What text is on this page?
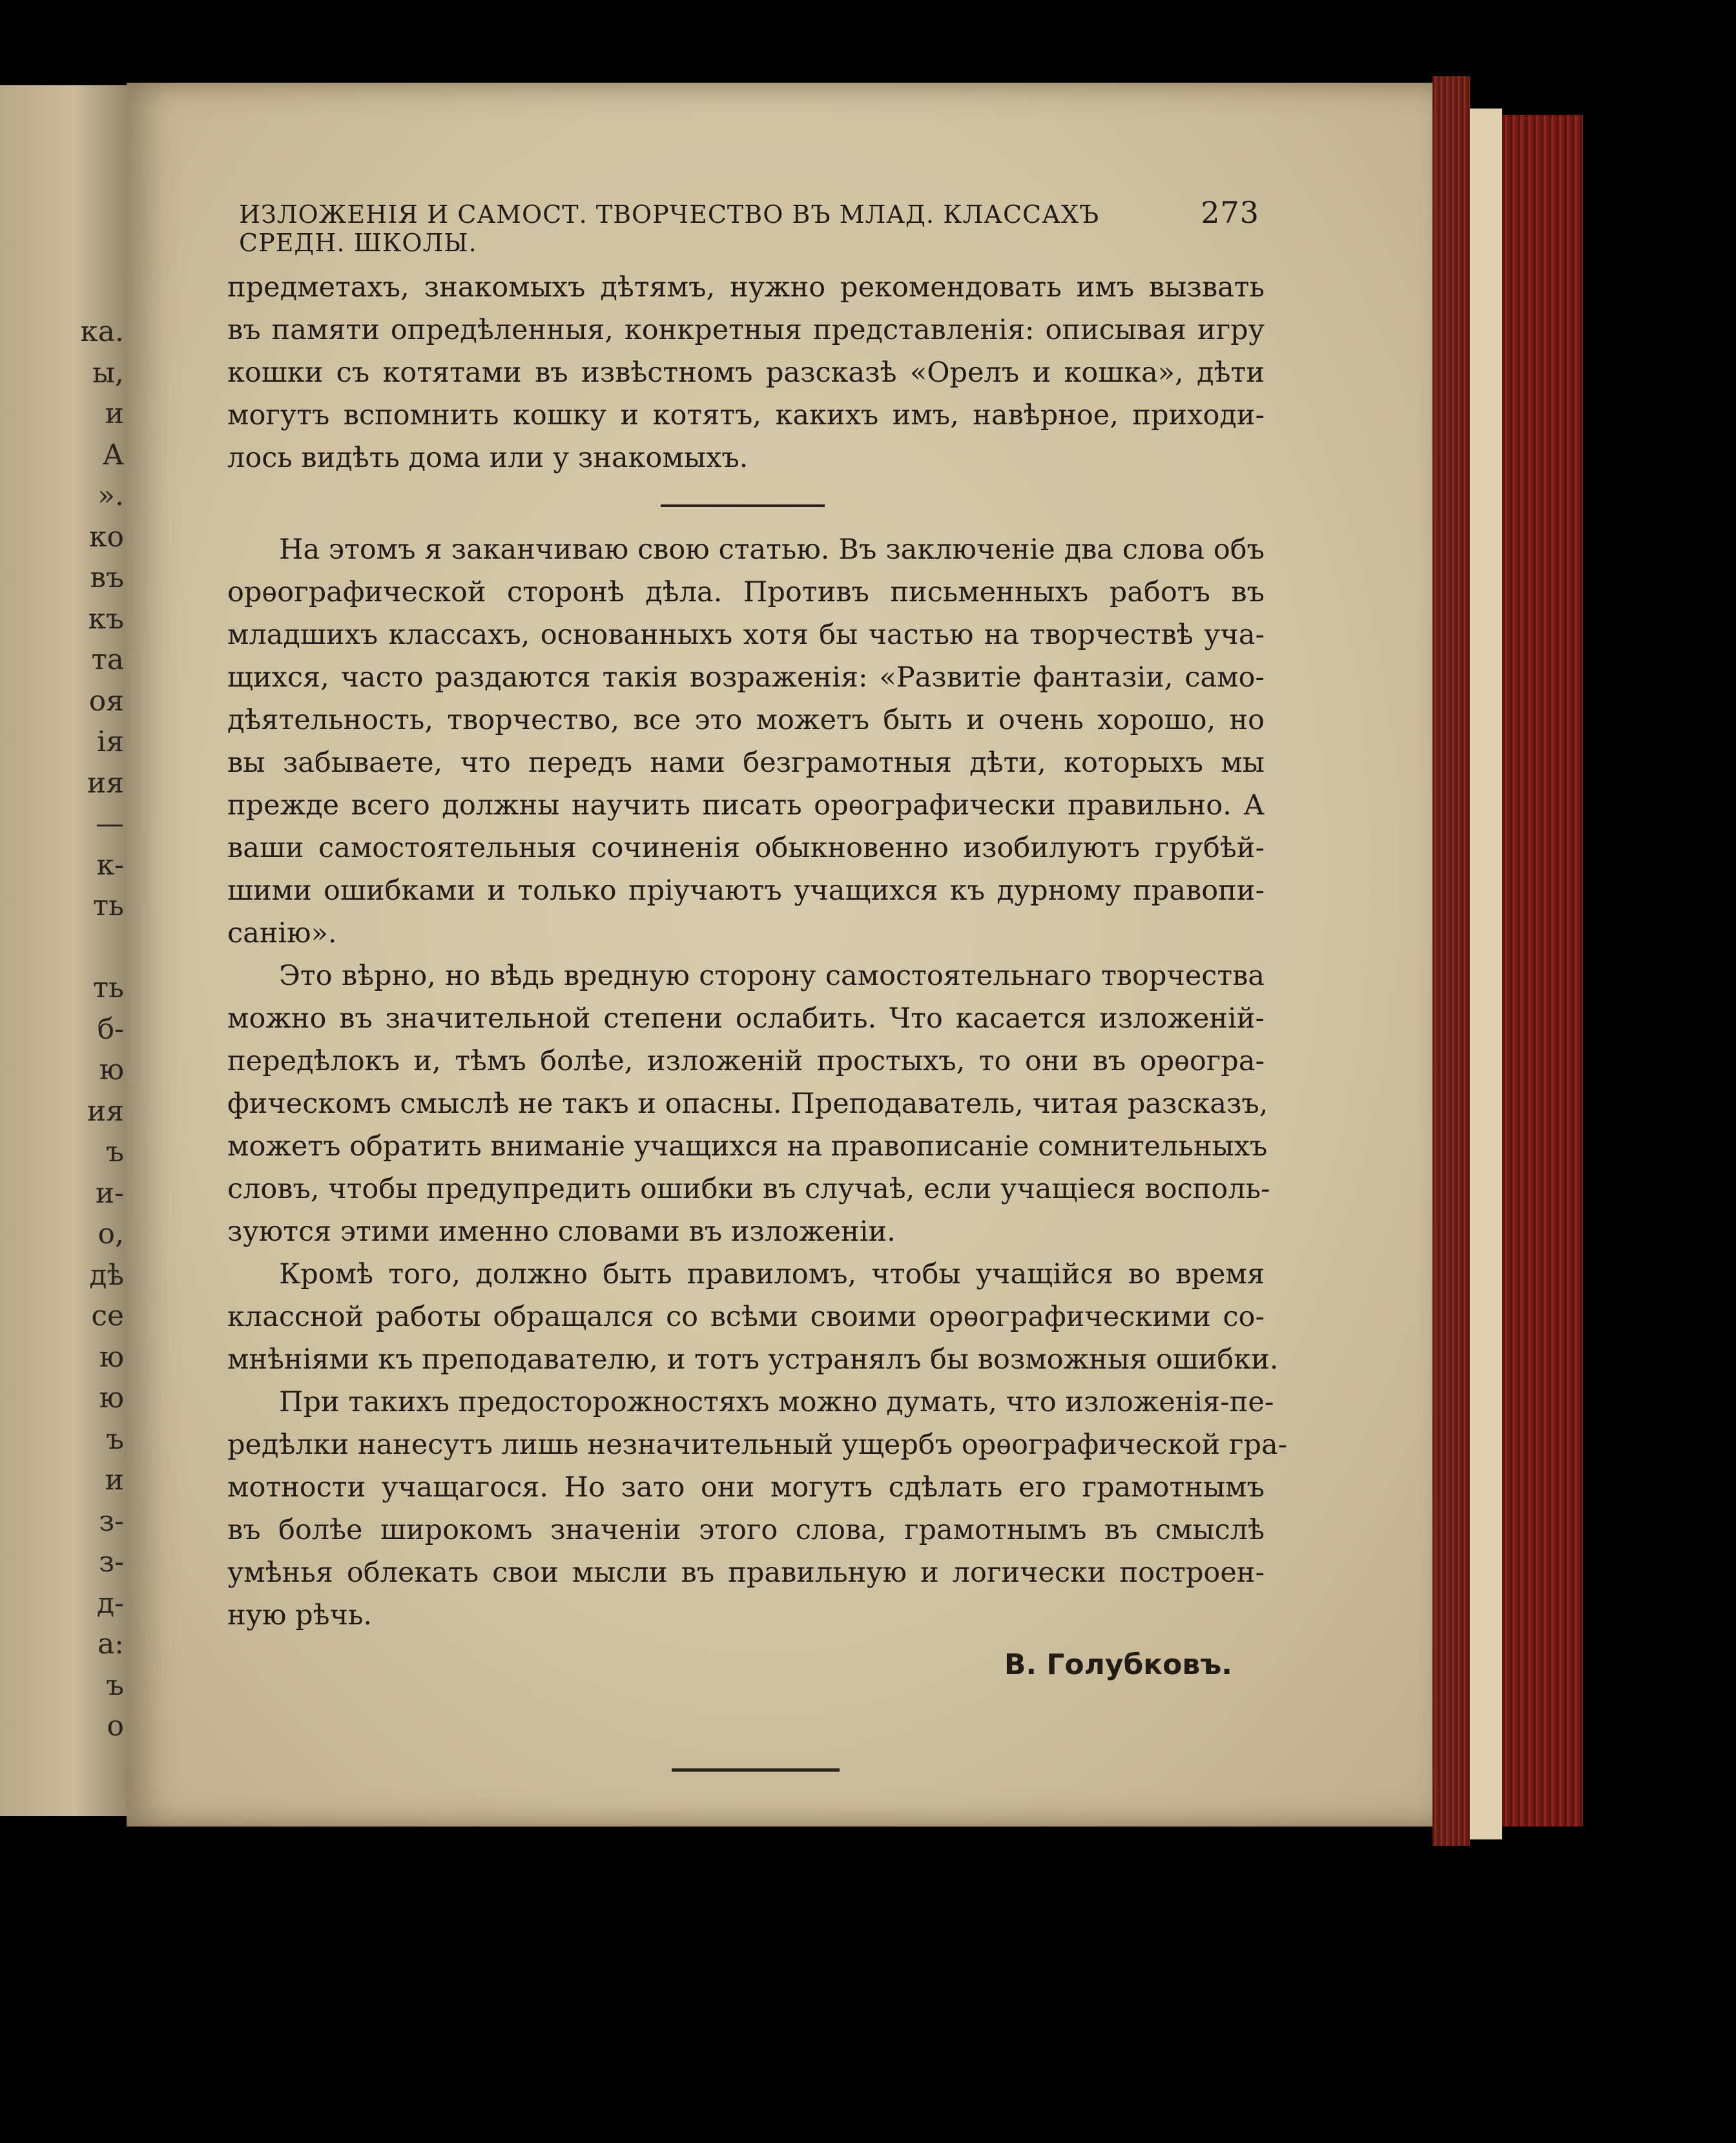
ка.
ы,
и
А
».
ко
въ
къ
та
оя
ія
ия
—
к-
ть
ть
б-
ю
ия
ъ
и-
о,
дѣ
се
ю
ю
ъ
и
з-
з-
д-
а:
ъ
о
ИЗЛОЖЕНІЯ И САМОСТ. ТВОРЧЕСТВО ВЪ МЛАД. КЛАССАХЪ СРЕДН. ШКОЛЫ.
273
предметахъ, знакомыхъ дѣтямъ, нужно рекомендовать имъ вызвать
въ памяти опредѣленныя, конкретныя представленія: описывая игру
кошки съ котятами въ извѣстномъ разсказѣ «Орелъ и кошка», дѣти
могутъ вспомнить кошку и котятъ, какихъ имъ, навѣрное, приходи-
лось видѣть дома или у знакомыхъ.
На этомъ я заканчиваю свою статью. Въ заключеніе два слова объ
орѳографической сторонѣ дѣла. Противъ письменныхъ работъ въ
младшихъ классахъ, основанныхъ хотя бы частью на творчествѣ уча-
щихся, часто раздаются такія возраженія: «Развитіе фантазіи, само-
дѣятельность, творчество, все это можетъ быть и очень хорошо, но
вы забываете, что передъ нами безграмотныя дѣти, которыхъ мы
прежде всего должны научить писать орѳографически правильно. А
ваши самостоятельныя сочиненія обыкновенно изобилуютъ грубѣй-
шими ошибками и только пріучаютъ учащихся къ дурному правопи-
санію».
Это вѣрно, но вѣдь вредную сторону самостоятельнаго творчества
можно въ значительной степени ослабить. Что касается изложеній-
передѣлокъ и, тѣмъ болѣе, изложеній простыхъ, то они въ орѳогра-
фическомъ смыслѣ не такъ и опасны. Преподаватель, читая разсказъ,
можетъ обратить вниманіе учащихся на правописаніе сомнительныхъ
словъ, чтобы предупредить ошибки въ случаѣ, если учащіеся восполь-
зуются этими именно словами въ изложеніи.
Кромѣ того, должно быть правиломъ, чтобы учащійся во время
классной работы обращался со всѣми своими орѳографическими со-
мнѣніями къ преподавателю, и тотъ устранялъ бы возможныя ошибки.
При такихъ предосторожностяхъ можно думать, что изложенія-пе-
редѣлки нанесутъ лишь незначительный ущербъ орѳографической гра-
мотности учащагося. Но зато они могутъ сдѣлать его грамотнымъ
въ болѣе широкомъ значеніи этого слова, грамотнымъ въ смыслѣ
умѣнья облекать свои мысли въ правильную и логически построен-
ную рѣчь.
В. Голубковъ.
